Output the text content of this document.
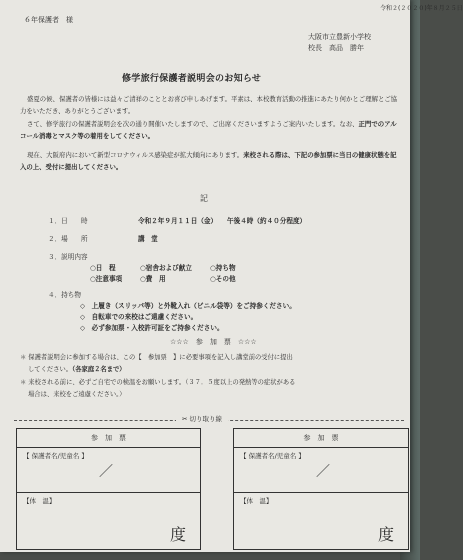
令和２(２０２０)年８月２５日
６年保護者　様
大阪市立豊新小学校
校長　高品　勝年
修学旅行保護者説明会のお知らせ
盛夏の候、保護者の皆様には益々ご清祥のこととお喜び申しあげます。平素は、本校教育活動の推進にあたり何かとご理解とご協力をいただき、ありがとうございます。
さて、修学旅行の保護者説明会を次の通り開催いたしますので、ご出席くださいますようご案内いたします。なお、正門でのアルコール消毒とマスク等の着用をしてください。
現在、大阪府内において新型コロナウィルス感染症が拡大傾向にあります。来校される際は、下記の参加票に当日の健康状態を記入の上、受付に提出してください。
記
１．日　　時	令和２年９月１１日（金）　　午後４時（約４０分程度）
２．場　　所	講　堂
３．説明内容
○日　程	○宿舎および献立	○持ち物
○注意事項	○費　用	○その他
４．持ち物
◇　上履き（スリッパ等）と外靴入れ（ビニル袋等）をご持参ください。
◇　自転車での来校はご遠慮ください。
◇　必ず参加票・入校許可証をご持参ください。
☆☆☆　参　加　票　☆☆☆
＊ 保護者説明会に参加する場合は、この【　参加票　】に必要事項を記入し講堂前の受付に提出
してください。（各家庭２名まで）
＊ 来校される前に、必ずご自宅での検温をお願いします。（３７．５度以上の発熱等の症状がある
場合は、来校をご遠慮ください。）
✂ 切り取り線
参　加　票
【 保護者名/児童名 】
／
【体　温】
度
参　加　票
【 保護者名/児童名 】
／
【体　温】
度
